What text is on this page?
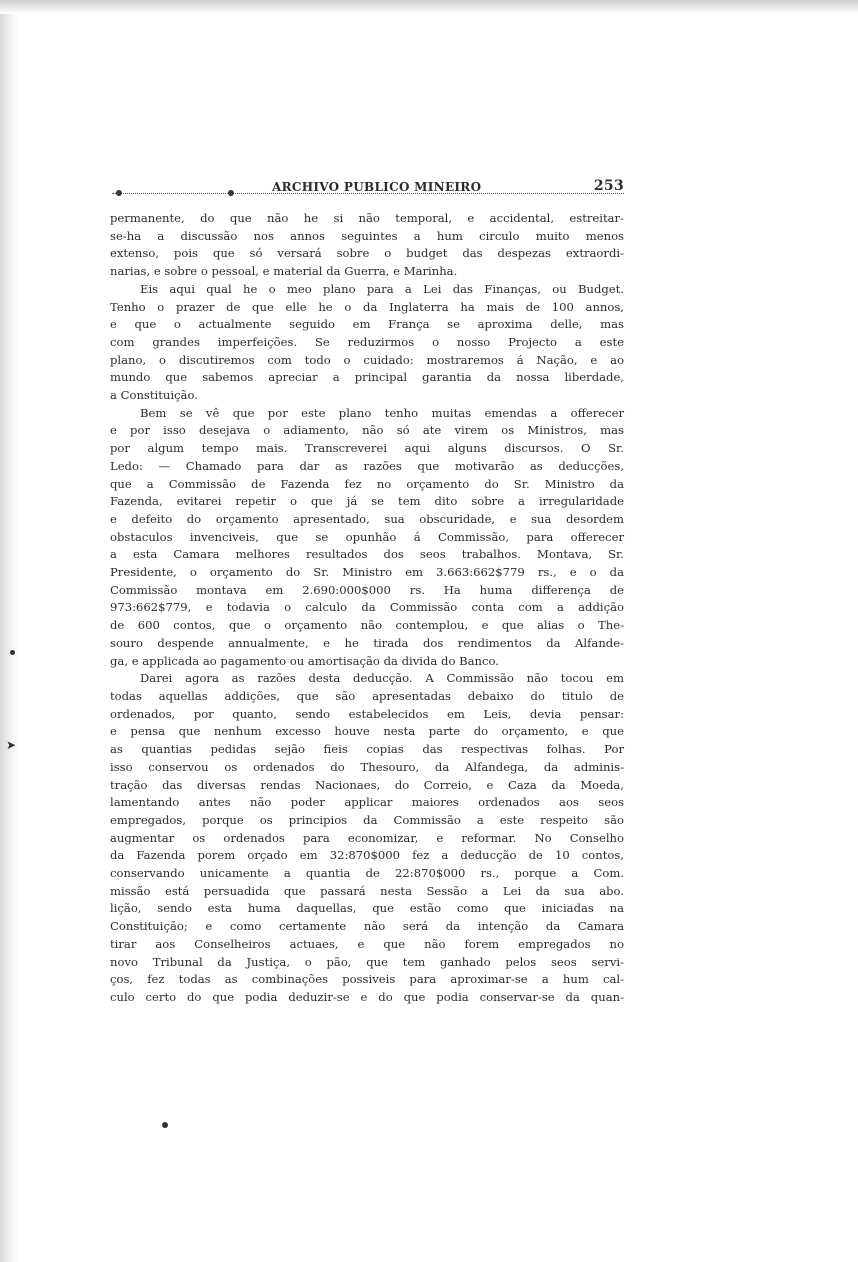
ARCHIVO PUBLICO MINEIRO	253
permanente, do que não he si não temporal, e accidental, estreitar-
se-ha a discussão nos annos seguintes a hum circulo muito menos
extenso, pois que só versará sobre o budget das despezas extraordi-
narias, e sobre o pessoal, e material da Guerra, e Marinha.
Eis aqui qual he o meo plano para a Lei das Finanças, ou Budget.
Tenho o prazer de que elle he o da Inglaterra ha mais de 100 annos,
e que o actualmente seguido em França se aproxima delle, mas
com grandes imperfeições. Se reduzirmos o nosso Projecto a este
plano, o discutiremos com todo o cuidado: mostraremos á Nação, e ao
mundo que sabemos apreciar a principal garantia da nossa liberdade,
a Constituição.
Bem se vê que por este plano tenho muitas emendas a offerecer
e por isso desejava o adiamento, não só ate virem os Ministros, mas
por algum tempo mais. Transcreverei aqui alguns discursos. O Sr.
Ledo: — Chamado para dar as razões que motivarão as deducções,
que a Commissão de Fazenda fez no orçamento do Sr. Ministro da
Fazenda, evitarei repetir o que já se tem dito sobre a irregularidade
e defeito do orçamento apresentado, sua obscuridade, e sua desordem
obstaculos invenciveis, que se opunhão á Commissão, para offerecer
a esta Camara melhores resultados dos seos trabalhos. Montava, Sr.
Presidente, o orçamento do Sr. Ministro em 3.663:662$779 rs., e o da
Commissão montava em 2.690:000$000 rs. Ha huma differença de
973:662$779, e todavia o calculo da Commissão conta com a addição
de 600 contos, que o orçamento não contemplou, e que alias o The-
souro despende annualmente, e he tirada dos rendimentos da Alfande-
ga, e applicada ao pagamento ou amortisação da divida do Banco.
Darei agora as razões desta deducção. A Commissão não tocou em
todas aquellas addições, que são apresentadas debaixo do titulo de
ordenados, por quanto, sendo estabelecidos em Leis, devia pensar:
e pensa que nenhum excesso houve nesta parte do orçamento, e que
as quantias pedidas sejão fieis copias das respectivas folhas. Por
isso conservou os ordenados do Thesouro, da Alfandega, da adminis-
tração das diversas rendas Nacionaes, do Correio, e Caza da Moeda,
lamentando antes não poder applicar maiores ordenados aos seos
empregados, porque os principios da Commissão a este respeito são
augmentar os ordenados para economizar, e reformar. No Conselho
da Fazenda porem orçado em 32:870$000 fez a deducção de 10 contos,
conservando unicamente a quantia de 22:870$000 rs., porque a Com.
missão está persuadida que passará nesta Sessão a Lei da sua abo.
lição, sendo esta huma daquellas, que estão como que iniciadas na
Constituição; e como certamente não será da intenção da Camara
tirar aos Conselheiros actuaes, e que não forem empregados no
novo Tribunal da Justiça, o pão, que tem ganhado pelos seos servi-
ços, fez todas as combinações possiveis para aproximar-se a hum cal-
culo certo do que podia deduzir-se e do que podia conservar-se da quan-
➤
